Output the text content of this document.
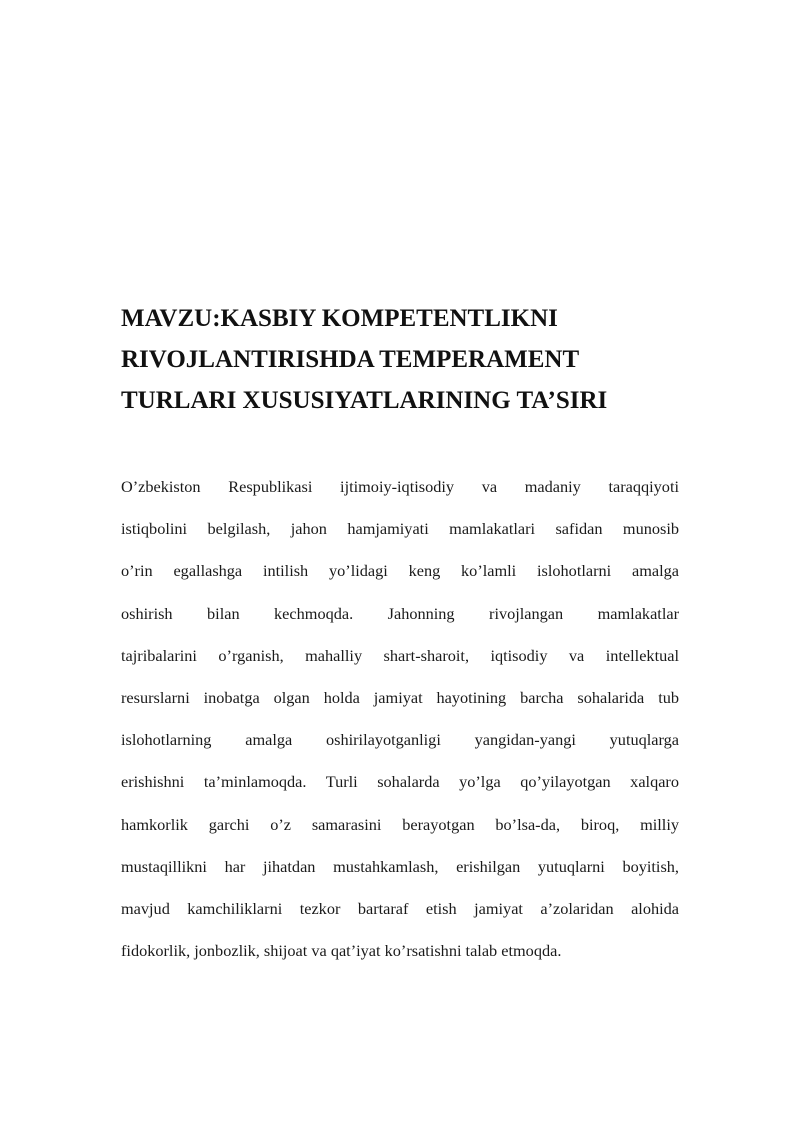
MAVZU:KASBIY KOMPETENTLIKNI
RIVOJLANTIRISHDA TEMPERAMENT
TURLARI XUSUSIYATLARINING TA’SIRI
O’zbekiston Respublikasi ijtimoiy-iqtisodiy va madaniy taraqqiyoti
istiqbolini belgilash, jahon hamjamiyati mamlakatlari safidan munosib
o’rin egallashga intilish yo’lidagi keng ko’lamli islohotlarni amalga
oshirish bilan kechmoqda. Jahonning rivojlangan mamlakatlar
tajribalarini o’rganish, mahalliy shart-sharoit, iqtisodiy va intellektual
resurslarni inobatga olgan holda jamiyat hayotining barcha sohalarida tub
islohotlarning amalga oshirilayotganligi yangidan-yangi yutuqlarga
erishishni ta’minlamoqda. Turli sohalarda yo’lga qo’yilayotgan xalqaro
hamkorlik garchi o’z samarasini berayotgan bo’lsa-da, biroq, milliy
mustaqillikni har jihatdan mustahkamlash, erishilgan yutuqlarni boyitish,
mavjud kamchiliklarni tezkor bartaraf etish jamiyat a’zolaridan alohida
fidokorlik, jonbozlik, shijoat va qat’iyat ko’rsatishni talab etmoqda.
